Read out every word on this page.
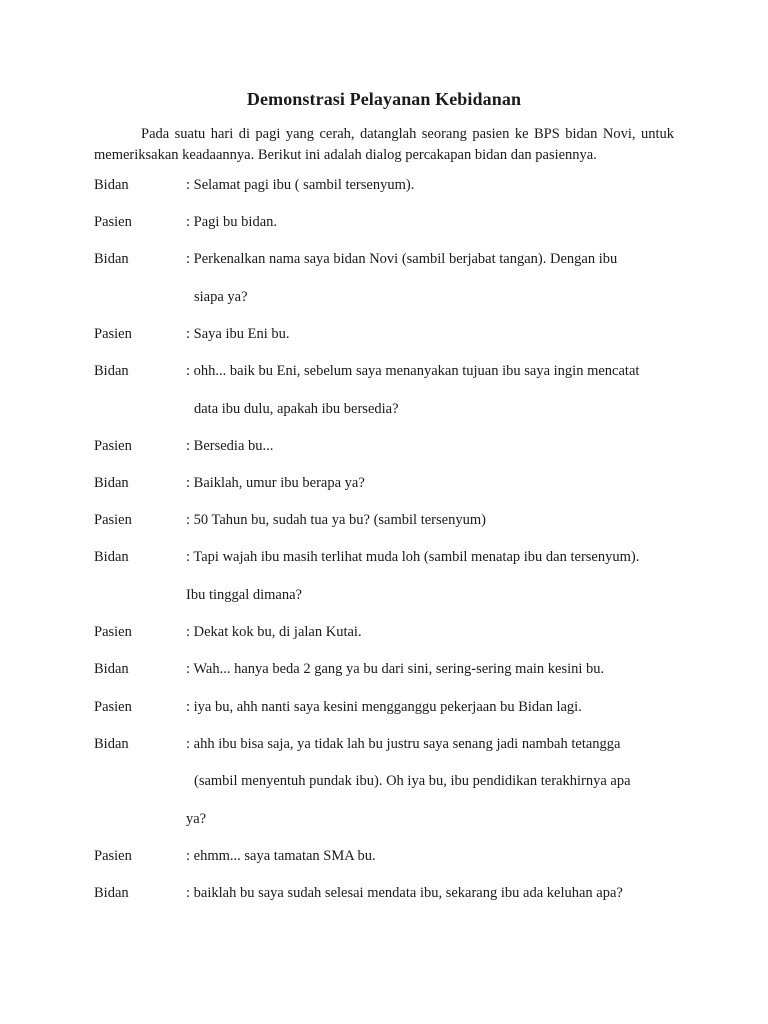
Demonstrasi Pelayanan Kebidanan
Pada suatu hari di pagi yang cerah, datanglah seorang pasien ke BPS bidan Novi, untuk memeriksakan keadaannya. Berikut ini adalah dialog percakapan bidan dan pasiennya.
Bidan	: Selamat pagi ibu ( sambil tersenyum).
Pasien	: Pagi bu bidan.
Bidan	: Perkenalkan nama saya bidan Novi (sambil berjabat tangan). Dengan ibu
siapa ya?
Pasien	: Saya ibu Eni bu.
Bidan	: ohh... baik bu Eni, sebelum saya menanyakan tujuan ibu saya ingin mencatat
data ibu dulu, apakah ibu bersedia?
Pasien	: Bersedia bu...
Bidan	: Baiklah, umur ibu berapa ya?
Pasien	: 50 Tahun bu, sudah tua ya bu? (sambil tersenyum)
Bidan	: Tapi wajah ibu masih terlihat muda loh (sambil menatap ibu dan tersenyum).
Ibu tinggal dimana?
Pasien	: Dekat kok bu, di jalan Kutai.
Bidan	: Wah... hanya beda 2 gang ya bu dari sini, sering-sering main kesini bu.
Pasien	: iya bu, ahh nanti saya kesini mengganggu pekerjaan bu Bidan lagi.
Bidan	: ahh ibu bisa saja, ya tidak lah bu justru saya senang jadi nambah tetangga
(sambil menyentuh pundak ibu). Oh iya bu, ibu pendidikan terakhirnya apa
ya?
Pasien	: ehmm... saya tamatan SMA bu.
Bidan	: baiklah bu saya sudah selesai mendata ibu, sekarang ibu ada keluhan apa?
